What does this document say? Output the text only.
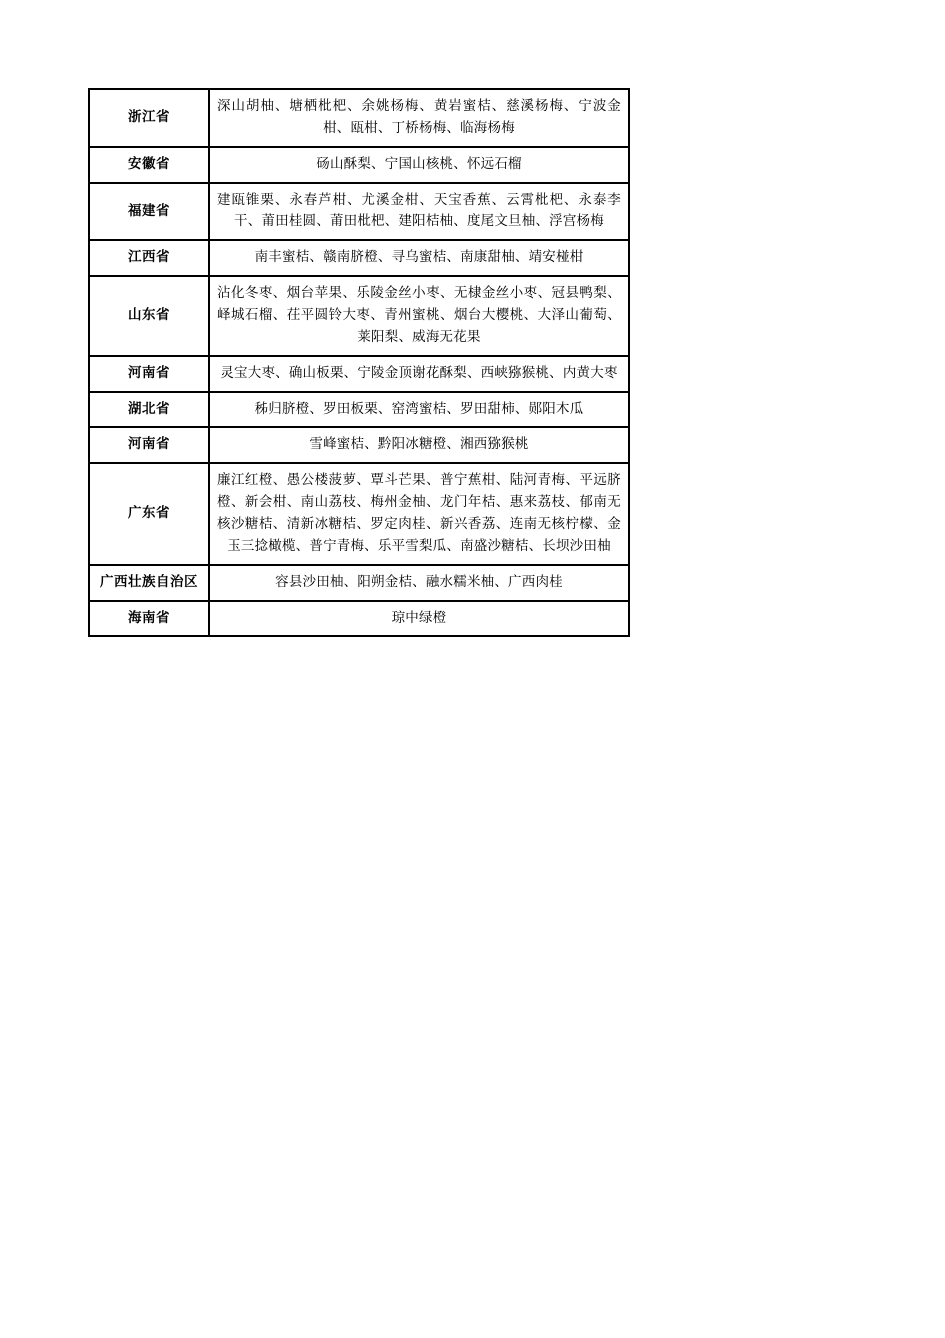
浙江省	深山胡柚、塘栖枇杷、余姚杨梅、黄岩蜜桔、慈溪杨梅、宁波金柑、瓯柑、丁桥杨梅、临海杨梅
安徽省	砀山酥梨、宁国山核桃、怀远石榴
福建省	建瓯锥栗、永春芦柑、尤溪金柑、天宝香蕉、云霄枇杷、永泰李干、莆田桂圆、莆田枇杷、建阳桔柚、度尾文旦柚、浮宫杨梅
江西省	南丰蜜桔、赣南脐橙、寻乌蜜桔、南康甜柚、靖安椪柑
山东省	沾化冬枣、烟台苹果、乐陵金丝小枣、无棣金丝小枣、冠县鸭梨、峄城石榴、茌平圆铃大枣、青州蜜桃、烟台大樱桃、大泽山葡萄、莱阳梨、威海无花果
河南省	灵宝大枣、确山板栗、宁陵金顶谢花酥梨、西峡猕猴桃、内黄大枣
湖北省	秭归脐橙、罗田板栗、窑湾蜜桔、罗田甜柿、郧阳木瓜
河南省	雪峰蜜桔、黔阳冰糖橙、湘西猕猴桃
广东省	廉江红橙、愚公楼菠萝、覃斗芒果、普宁蕉柑、陆河青梅、平远脐橙、新会柑、南山荔枝、梅州金柚、龙门年桔、惠来荔枝、郁南无核沙糖桔、清新冰糖桔、罗定肉桂、新兴香荔、连南无核柠檬、金玉三捻橄榄、普宁青梅、乐平雪梨瓜、南盛沙糖桔、长坝沙田柚
广西壮族自治区	容县沙田柚、阳朔金桔、融水糯米柚、广西肉桂
海南省	琼中绿橙
